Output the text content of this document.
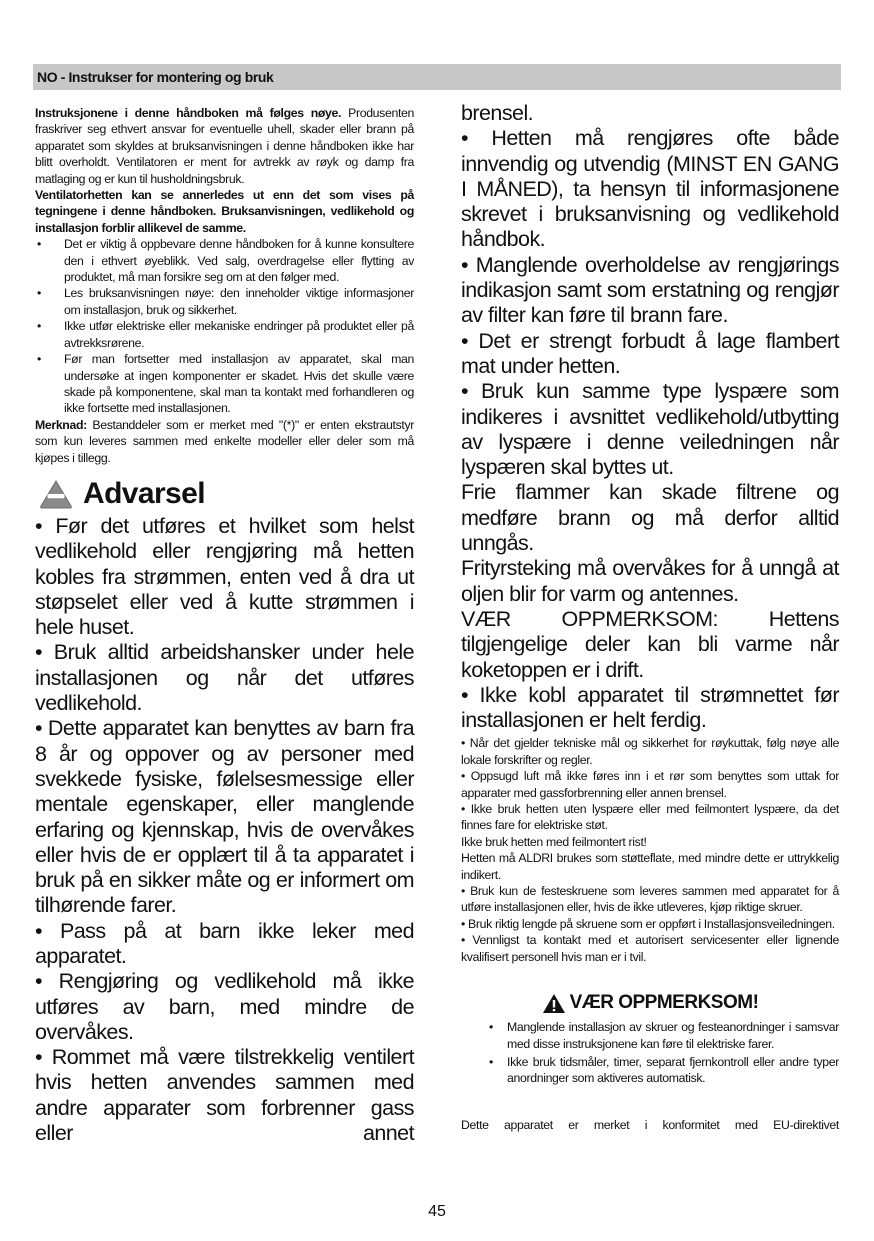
NO - Instrukser for montering og bruk

Instruksjonene i denne håndboken må følges nøye. Produsenten fraskriver seg ethvert ansvar for eventuelle uhell, skader eller brann på apparatet som skyldes at bruksanvisningen i denne håndboken ikke har blitt overholdt. Ventilatoren er ment for avtrekk av røyk og damp fra matlaging og er kun til husholdningsbruk.

Ventilatorhetten kan se annerledes ut enn det som vises på tegningene i denne håndboken. Bruksanvisningen, vedlikehold og installasjon forblir allikevel de samme.

• Det er viktig å oppbevare denne håndboken for å kunne konsultere den i ethvert øyeblikk. Ved salg, overdragelse eller flytting av produktet, må man forsikre seg om at den følger med.
• Les bruksanvisningen nøye: den inneholder viktige informasjoner om installasjon, bruk og sikkerhet.
• Ikke utfør elektriske eller mekaniske endringer på produktet eller på avtrekksrørene.
• Før man fortsetter med installasjon av apparatet, skal man undersøke at ingen komponenter er skadet. Hvis det skulle være skade på komponentene, skal man ta kontakt med forhandleren og ikke fortsette med installasjonen.

Merknad: Bestanddeler som er merket med "(*)" er enten ekstrautstyr som kun leveres sammen med enkelte modeller eller deler som må kjøpes i tillegg.

Advarsel

• Før det utføres et hvilket som helst vedlikehold eller rengjøring må hetten kobles fra strømmen, enten ved å dra ut støpselet eller ved å kutte strømmen i hele huset.

• Bruk alltid arbeidshansker under hele installasjonen og når det utføres vedlikehold.

• Dette apparatet kan benyttes av barn fra 8 år og oppover og av personer med svekkede fysiske, følelsesmessige eller mentale egenskaper, eller manglende erfaring og kjennskap, hvis de overvåkes eller hvis de er opplært til å ta apparatet i bruk på en sikker måte og er informert om tilhørende farer.

• Pass på at barn ikke leker med apparatet.

• Rengjøring og vedlikehold må ikke utføres av barn, med mindre de overvåkes.

• Rommet må være tilstrekkelig ventilert hvis hetten anvendes sammen med andre apparater som forbrenner gass eller annet

brensel.

• Hetten må rengjøres ofte både innvendig og utvendig (MINST EN GANG I MÅNED), ta hensyn til informasjonene skrevet i bruksanvisning og vedlikehold håndbok.

• Manglende overholdelse av rengjørings indikasjon samt som erstatning og rengjør av filter kan føre til brann fare.

• Det er strengt forbudt å lage flambert mat under hetten.

• Bruk kun samme type lyspære som indikeres i avsnittet vedlikehold/utbytting av lyspære i denne veiledningen når lyspæren skal byttes ut.

Frie flammer kan skade filtrene og medføre brann og må derfor alltid unngås.

Frityrsteking må overvåkes for å unngå at oljen blir for varm og antennes.

VÆR OPPMERKSOM: Hettens tilgjengelige deler kan bli varme når koketoppen er i drift.

• Ikke kobl apparatet til strømnettet før installasjonen er helt ferdig.

• Når det gjelder tekniske mål og sikkerhet for røykuttak, følg nøye alle lokale forskrifter og regler.

• Oppsugd luft må ikke føres inn i et rør som benyttes som uttak for apparater med gassforbrenning eller annen brensel.

• Ikke bruk hetten uten lyspære eller med feilmontert lyspære, da det finnes fare for elektriske støt.

Ikke bruk hetten med feilmontert rist!

Hetten må ALDRI brukes som støtteflate, med mindre dette er uttrykkelig indikert.

• Bruk kun de festeskruene som leveres sammen med apparatet for å utføre installasjonen eller, hvis de ikke utleveres, kjøp riktige skruer.

• Bruk riktig lengde på skruene som er oppført i Installasjonsveiledningen.

• Vennligst ta kontakt med et autorisert servicesenter eller lignende kvalifisert personell hvis man er i tvil.

VÆR OPPMERKSOM!
• Manglende installasjon av skruer og festeanordninger i samsvar med disse instruksjonene kan føre til elektriske farer.
• Ikke bruk tidsmåler, timer, separat fjernkontroll eller andre typer anordninger som aktiveres automatisk.
Dette apparatet er merket i konformitet med EU-direktivet
45
